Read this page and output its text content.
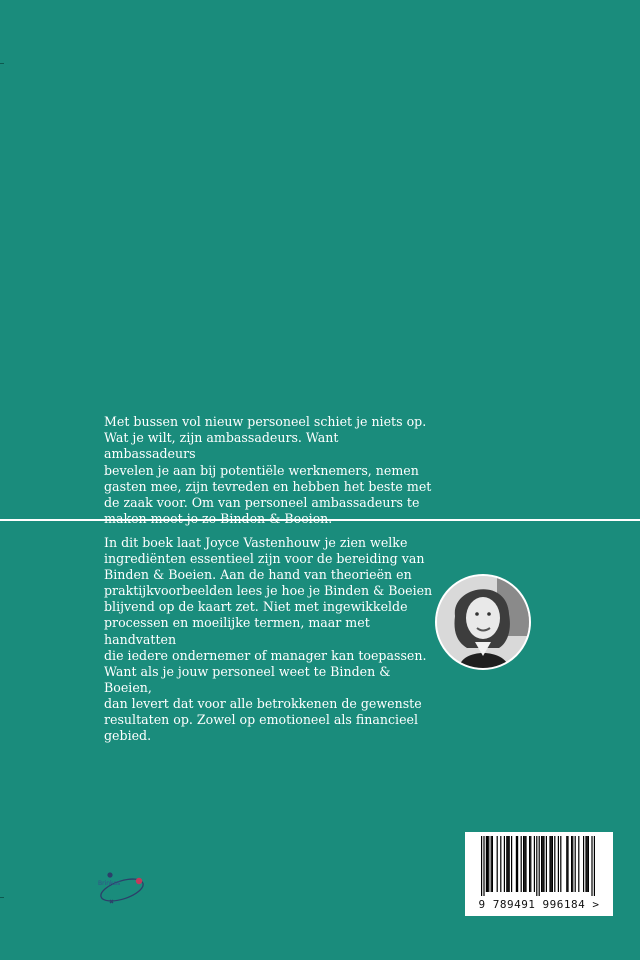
Met bussen vol nieuw personeel schiet je niets op.
Wat je wilt, zijn ambassadeurs. Want ambassadeurs
bevelen je aan bij potentiële werknemers, nemen
gasten mee, zijn tevreden en hebben het beste met
de zaak voor. Om van personeel ambassadeurs te

In dit boek laat Joyce Vastenhouw je zien welke
ingrediënten essentieel zijn voor de bereiding van
Binden & Boeien. Aan de hand van theorieën en
praktijkvoorbeelden lees je hoe je Binden & Boeien
blijvend op de kaart zet. Niet met ingewikkelde
processen en moeilijke termen, maar met handvatten
die iedere ondernemer of manager kan toepassen.
Want als je jouw personeel weet te Binden & Boeien,
dan levert dat voor alle betrokkenen de gewenste
resultaten op. Zowel op emotioneel als financieel
gebied.

Brinkas
9 789491 996184 >
